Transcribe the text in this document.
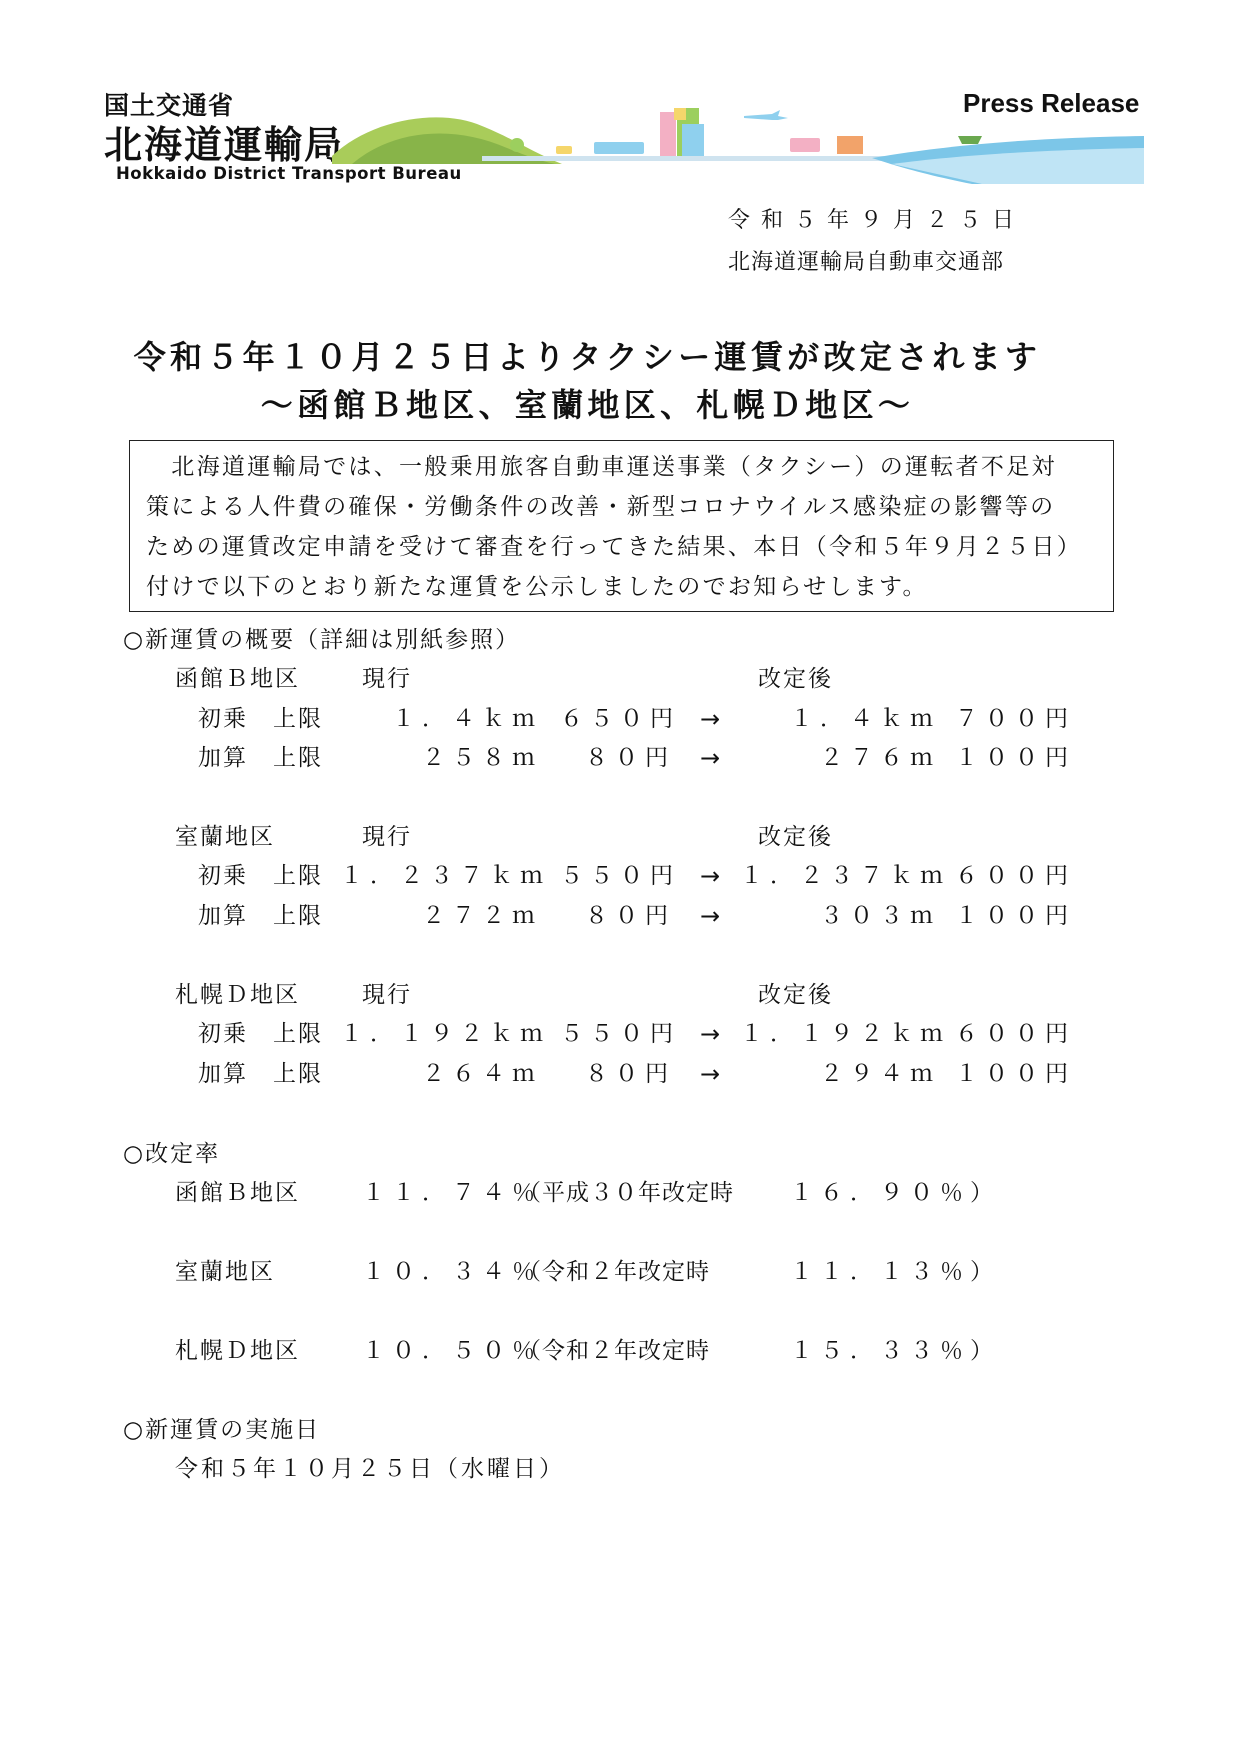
国土交通省
北海道運輸局
Hokkaido District Transport Bureau
Press Release
令和５年９月２５日
北海道運輸局自動車交通部
令和５年１０月２５日よりタクシー運賃が改定されます
～函館Ｂ地区、室蘭地区、札幌Ｄ地区～

　北海道運輸局では、一般乗用旅客自動車運送事業（タクシー）の運転者不足対

策による人件費の確保・労働条件の改善・新型コロナウイルス感染症の影響等の

ための運賃改定申請を受けて審査を行ってきた結果、本日（令和５年９月２５日）

付けで以下のとおり新たな運賃を公示しましたのでお知らせします。

○新運賃の概要（詳細は別紙参照）
函館Ｂ地区	現行	改定後
初乗　上限	１．４ｋｍ ６５０円 →	１．４ｋｍ ７００円
加算　上限	２５８ｍ	８０円 →	２７６ｍ １００円
室蘭地区	現行	改定後
初乗　上限 １．２３７ｋｍ ５５０円 → １．２３７ｋｍ ６００円
加算　上限	２７２ｍ	８０円 →	３０３ｍ １００円
札幌Ｄ地区	現行	改定後
初乗　上限 １．１９２ｋｍ ５５０円 → １．１９２ｋｍ ６００円
加算　上限	２６４ｍ	８０円 →	２９４ｍ １００円
○改定率
函館Ｂ地区	１１．７４％
（平成３０年改定時 １６．９０％）
室蘭地区	１０．３４％
（令和２年改定時	１１．１３％）
札幌Ｄ地区	１０．５０％
（令和２年改定時	１５．３３％）
○新運賃の実施日
令和５年１０月２５日（水曜日）
